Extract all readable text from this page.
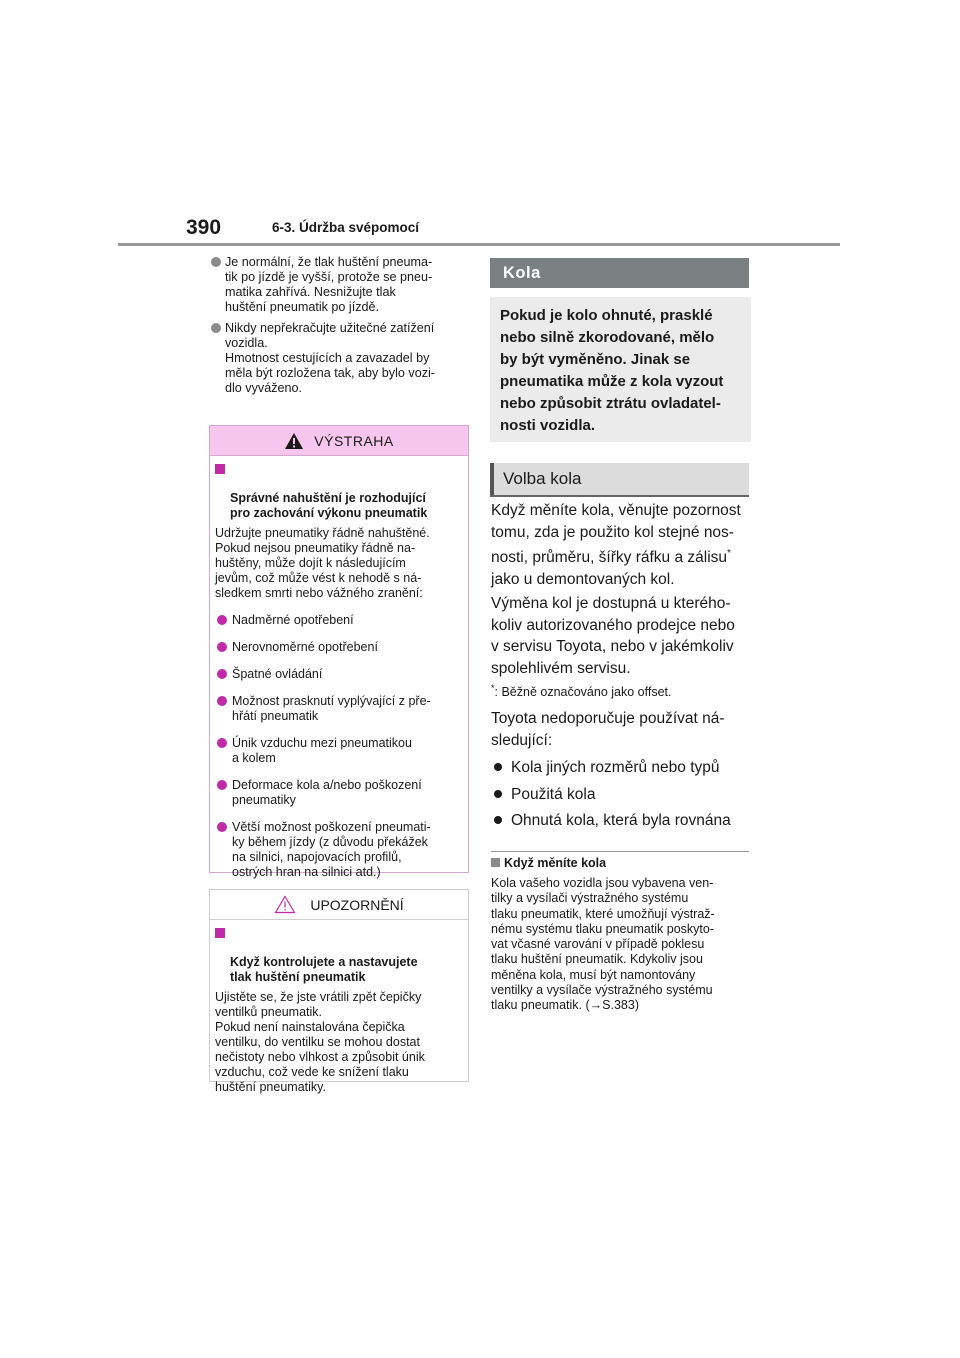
390	6-3. Údržba svépomocí
Je normální, že tlak huštění pneuma-
tik po jízdě je vyšší, protože se pneu-
matika zahřívá. Nesnižujte tlak
huštění pneumatik po jízdě.
Nikdy nepřekračujte užitečné zatížení
vozidla.
Hmotnost cestujících a zavazadel by
měla být rozložena tak, aby bylo vozi-
dlo vyváženo.
VÝSTRAHA

Správné nahuštění je rozhodující
pro zachování výkonu pneumatik

Udržujte pneumatiky řádně nahuštěné.
Pokud nejsou pneumatiky řádně na-
huštěny, může dojít k následujícím
jevům, což může vést k nehodě s ná-
sledkem smrti nebo vážného zranění:
Nadměrné opotřebení
Nerovnoměrné opotřebení
Špatné ovládání
Možnost prasknutí vyplývající z pře-
hřátí pneumatik
Únik vzduchu mezi pneumatikou
a kolem
Deformace kola a/nebo poškození
pneumatiky
Větší možnost poškození pneumati-
ky během jízdy (z důvodu překážek
na silnici, napojovacích profilů,
ostrých hran na silnici atd.)
UPOZORNĚNÍ

Když kontrolujete a nastavujete
tlak huštění pneumatik

Ujistěte se, že jste vrátili zpět čepičky
ventilků pneumatik.
Pokud není nainstalována čepička
ventilku, do ventilku se mohou dostat
nečistoty nebo vlhkost a způsobit únik
vzduchu, což vede ke snížení tlaku
huštění pneumatiky.
Kola
Pokud je kolo ohnuté, prasklé
nebo silně zkorodované, mělo
by být vyměněno. Jinak se
pneumatika může z kola vyzout
nebo způsobit ztrátu ovladatel-
nosti vozidla.
Volba kola
Když měníte kola, věnujte pozornost
tomu, zda je použito kol stejné nos-
nosti, průměru, šířky ráfku a zálisu*
jako u demontovaných kol.
Výměna kol je dostupná u kterého-
koliv autorizovaného prodejce nebo
v servisu Toyota, nebo v jakémkoliv
spolehlivém servisu.
*: Běžně označováno jako offset.
Toyota nedoporučuje používat ná-
sledující:
Kola jiných rozměrů nebo typů
Použitá kola
Ohnutá kola, která byla rovnána
Když měníte kola
Kola vašeho vozidla jsou vybavena ven-
tilky a vysílači výstražného systému
tlaku pneumatik, které umožňují výstraž-
nému systému tlaku pneumatik poskyto-
vat včasné varování v případě poklesu
tlaku huštění pneumatik. Kdykoliv jsou
měněna kola, musí být namontovány
ventilky a vysílače výstražného systému
tlaku pneumatik. (→S.383)
